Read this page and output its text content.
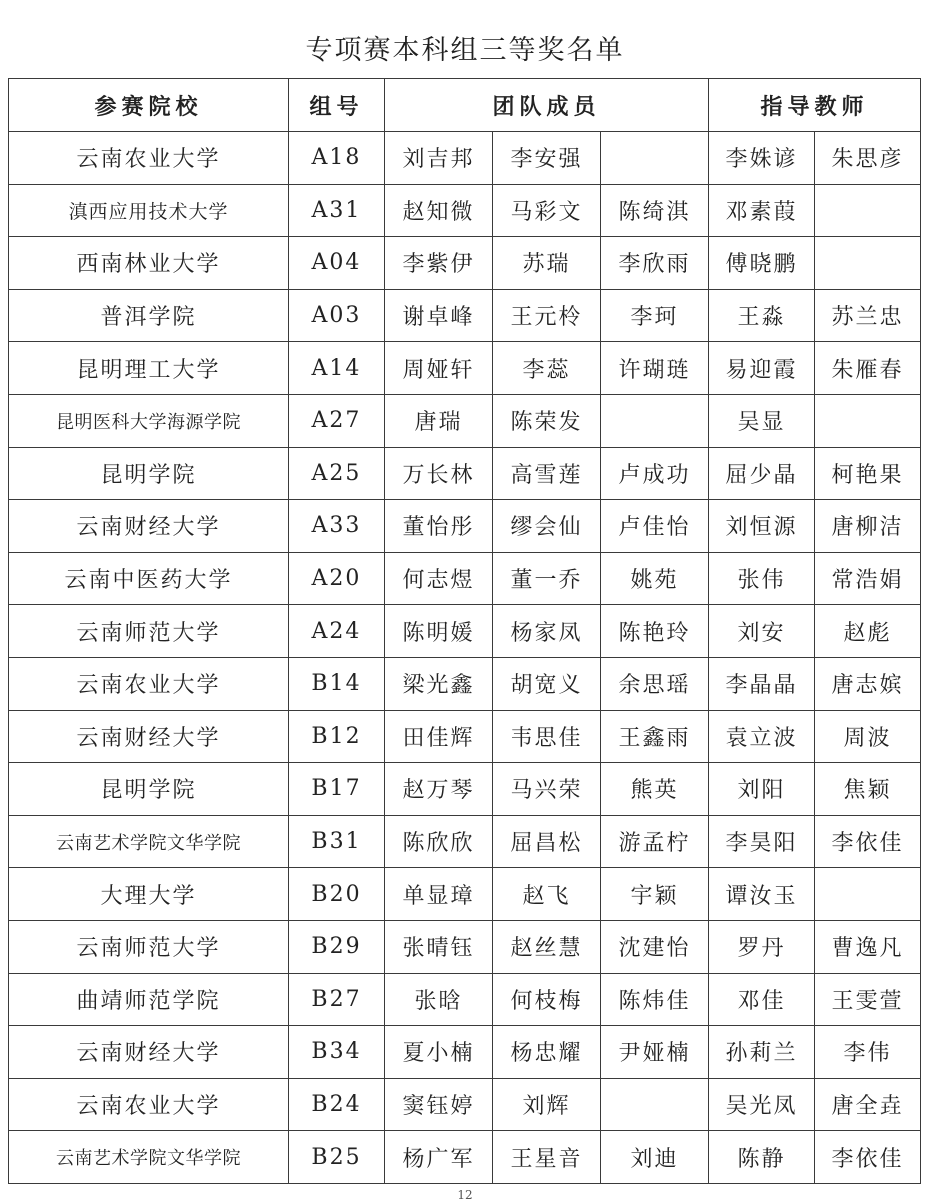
专项赛本科组三等奖名单
参赛院校	组号	团队成员			指导教师	
云南农业大学	A18	刘吉邦	李安强		李姝谚	朱思彦
滇西应用技术大学	A31	赵知微	马彩文	陈绮淇	邓素葭	
西南林业大学	A04	李紫伊	苏瑞	李欣雨	傅晓鹏	
普洱学院	A03	谢卓峰	王元柃	李珂	王淼	苏兰忠
昆明理工大学	A14	周娅轩	李蕊	许瑚琏	易迎霞	朱雁春
昆明医科大学海源学院	A27	唐瑞	陈荣发		吴显	
昆明学院	A25	万长林	高雪莲	卢成功	屈少晶	柯艳果
云南财经大学	A33	董怡彤	缪会仙	卢佳怡	刘恒源	唐柳洁
云南中医药大学	A20	何志煜	董一乔	姚苑	张伟	常浩娟
云南师范大学	A24	陈明媛	杨家凤	陈艳玲	刘安	赵彪
云南农业大学	B14	梁光鑫	胡宽义	余思瑶	李晶晶	唐志嫔
云南财经大学	B12	田佳辉	韦思佳	王鑫雨	袁立波	周波
昆明学院	B17	赵万琴	马兴荣	熊英	刘阳	焦颖
云南艺术学院文华学院	B31	陈欣欣	屈昌松	游孟柠	李昊阳	李依佳
大理大学	B20	单显璋	赵飞	宇颖	谭汝玉	
云南师范大学	B29	张晴钰	赵丝慧	沈建怡	罗丹	曹逸凡
曲靖师范学院	B27	张晗	何枝梅	陈炜佳	邓佳	王雯萱
云南财经大学	B34	夏小楠	杨忠耀	尹娅楠	孙莉兰	李伟
云南农业大学	B24	窦钰婷	刘辉		吴光凤	唐全垚
云南艺术学院文华学院	B25	杨广军	王星音	刘迪	陈静	李依佳
12
